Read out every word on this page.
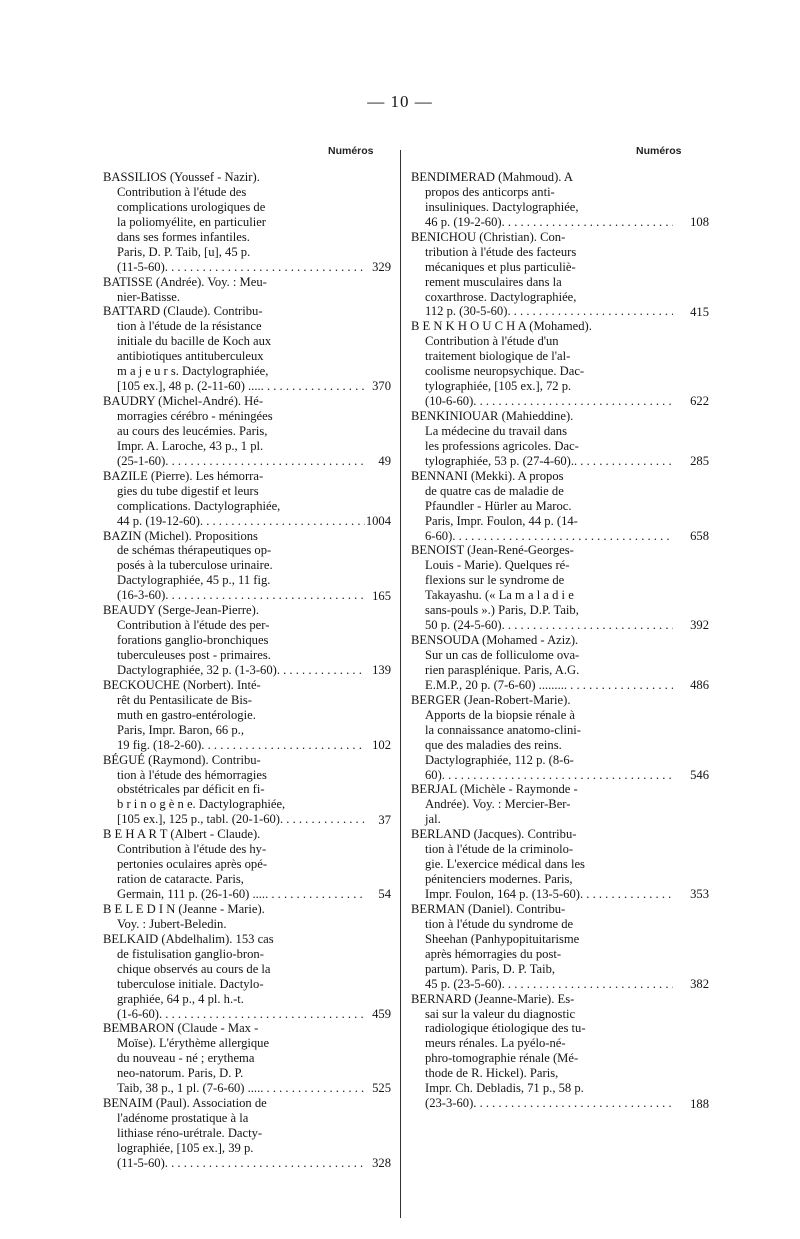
— 10 —
Numéros
BASSILIOS (Youssef - Nazir).
Contribution à l'étude des
complications urologiques de
la poliomyélite, en particulier
dans ses formes infantiles.
Paris, D. P. Taib, [u], 45 p.
(11-5-60) . . .	329
BATISSE (Andrée). Voy. : Meu-
nier-Batisse.
BATTARD (Claude). Contribu-
tion à l'étude de la résistance
initiale du bacille de Koch aux
antibiotiques antituberculeux
m a j e u r s. Dactylographiée,
[105 ex.], 48 p. (2-11-60) .... . . .	370
BAUDRY (Michel-André). Hé-
morragies cérébro - méningées
au cours des leucémies. Paris,
Impr. A. Laroche, 43 p., 1 pl.
(25-1-60) . . .	49
BAZILE (Pierre). Les hémorra-
gies du tube digestif et leurs
complications. Dactylographiée,
44 p. (19-12-60) . . .	1004
BAZIN (Michel). Propositions
de schémas thérapeutiques op-
posés à la tuberculose urinaire.
Dactylographiée, 45 p., 11 fig.
(16-3-60) . . .	165
BEAUDY (Serge-Jean-Pierre).
Contribution à l'étude des per-
forations ganglio-bronchiques
tuberculeuses post - primaires.
Dactylographiée, 32 p. (1-3-60) . . .	139
BECKOUCHE (Norbert). Inté-
rêt du Pentasilicate de Bis-
muth en gastro-entérologie.
Paris, Impr. Baron, 66 p.,
19 fig. (18-2-60) . . .	102
BÉGUÉ (Raymond). Contribu-
tion à l'étude des hémorragies
obstétricales par déficit en fi-
b r i n o g è n e. Dactylographiée,
[105 ex.], 125 p., tabl. (20-1-60) . . .	37
B E H A R T (Albert - Claude).
Contribution à l'étude des hy-
pertonies oculaires après opé-
ration de cataracte. Paris,
Germain, 111 p. (26-1-60) .... . . .	54
B E L E D I N (Jeanne - Marie).
Voy. : Jubert-Beledin.
BELKAID (Abdelhalim). 153 cas
de fistulisation ganglio-bron-
chique observés au cours de la
tuberculose initiale. Dactylo-
graphiée, 64 p., 4 pl. h.-t.
(1-6-60) . . .	459
BEMBARON (Claude - Max -
Moïse). L'érythème allergique
du nouveau - né ; erythema
neo-natorum. Paris, D. P.
Taib, 38 p., 1 pl. (7-6-60) .... . . .	525
BENAIM (Paul). Association de
l'adénome prostatique à la
lithiase réno-urétrale. Dacty-
lographiée, [105 ex.], 39 p.
(11-5-60) . . .	328
Numéros
BENDIMERAD (Mahmoud). A
propos des anticorps anti-
insuliniques. Dactylographiée,
46 p. (19-2-60) . . .	108
BENICHOU (Christian). Con-
tribution à l'étude des facteurs
mécaniques et plus particuliè-
rement musculaires dans la
coxarthrose. Dactylographiée,
112 p. (30-5-60) . . .	415
B E N K H O U C H A (Mohamed).
Contribution à l'étude d'un
traitement biologique de l'al-
coolisme neuropsychique. Dac-
tylographiée, [105 ex.], 72 p.
(10-6-60) . . .	622
BENKINIOUAR (Mahieddine).
La médecine du travail dans
les professions agricoles. Dac-
tylographiée, 53 p. (27-4-60). . . .	285
BENNANI (Mekki). A propos
de quatre cas de maladie de
Pfaundler - Hürler au Maroc.
Paris, Impr. Foulon, 44 p. (14-
6-60) . . .	658
BENOIST (Jean-René-Georges-
Louis - Marie). Quelques ré-
flexions sur le syndrome de
Takayashu. (« La m a l a d i e
sans-pouls ».) Paris, D.P. Taib,
50 p. (24-5-60) . . .	392
BENSOUDA (Mohamed - Aziz).
Sur un cas de folliculome ova-
rien parasplénique. Paris, A.G.
E.M.P., 20 p. (7-6-60) ........ . . .	486
BERGER (Jean-Robert-Marie).
Apports de la biopsie rénale à
la connaissance anatomo-clini-
que des maladies des reins.
Dactylographiée, 112 p. (8-6-
60) . . .	546
BERJAL (Michèle - Raymonde -
Andrée). Voy. : Mercier-Ber-
jal.
BERLAND (Jacques). Contribu-
tion à l'étude de la criminolo-
gie. L'exercice médical dans les
pénitenciers modernes. Paris,
Impr. Foulon, 164 p. (13-5-60) . . .	353
BERMAN (Daniel). Contribu-
tion à l'étude du syndrome de
Sheehan (Panhypopituitarisme
après hémorragies du post-
partum). Paris, D. P. Taib,
45 p. (23-5-60) . . .	382
BERNARD (Jeanne-Marie). Es-
sai sur la valeur du diagnostic
radiologique étiologique des tu-
meurs rénales. La pyélo-né-
phro-tomographie rénale (Mé-
thode de R. Hickel). Paris,
Impr. Ch. Debladis, 71 p., 58 p.
(23-3-60) . . .	188
